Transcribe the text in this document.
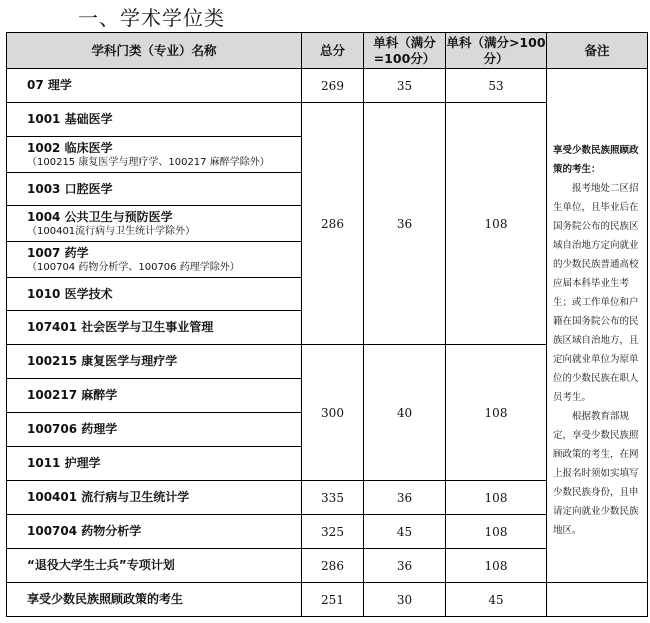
一、学术学位类
学科门类（专业）名称	总分	单科（满分=100分）	单科（满分>100分）	备注

07 理学	269	35	53	享受少数民族照顾政策的考生：

报考地处二区招生单位，且毕业后在国务院公布的民族区域自治地方定向就业的少数民族普通高校应届本科毕业生考生；或工作单位和户籍在国务院公布的民族区域自治地方，且定向就业单位为原单位的少数民族在职人员考生。

根据教育部规定，享受少数民族照顾政策的考生，在网上报名时须如实填写少数民族身份，且申请定向就业少数民族地区。

1001 基础医学	286	36	108	

1002 临床医学
（100215 康复医学与理疗学、100217 麻醉学除外）				

1003 口腔医学				

1004 公共卫生与预防医学
（100401流行病与卫生统计学除外）				

1007 药学
（100704 药物分析学、100706 药理学除外）				

1010 医学技术				

107401 社会医学与卫生事业管理				

100215 康复医学与理疗学	300	40	108	

100217 麻醉学				

100706 药理学				

1011 护理学				

100401 流行病与卫生统计学	335	36	108	

100704 药物分析学	325	45	108	

“退役大学生士兵”专项计划	286	36	108	

享受少数民族照顾政策的考生	251	30	45	
